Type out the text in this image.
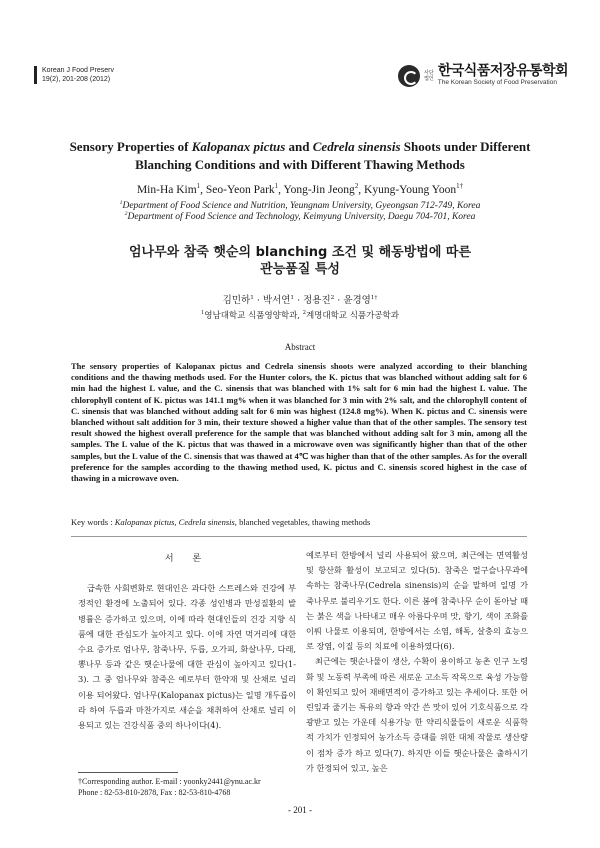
Korean J Food Preserv
19(2), 201-208 (2012)
사단
법인 한국식품저장유통학회
The Korean Society of Food Preservation
Sensory Properties of Kalopanax pictus and Cedrela sinensis Shoots under Different Blanching Conditions and with Different Thawing Methods
Min-Ha Kim$^1$, Seo-Yeon Park$^1$, Yong-Jin Jeong$^2$, Kyung-Young Yoon$^{1\dagger}$
$^1$Department of Food Science and Nutrition, Yeungnam University, Gyeongsan 712-749, Korea
$^2$Department of Food Science and Technology, Keimyung University, Daegu 704-701, Korea
엄나무와 참죽 햇순의 blanching 조건 및 해동방법에 따른
관능품질 특성
김민하$^1$ · 박서연$^1$ · 정용진$^2$ · 윤경영$^{1\dagger}$
$^1$영남대학교 식품영양학과, $^2$계명대학교 식품가공학과
Abstract
The sensory properties of Kalopanax pictus and Cedrela sinensis shoots were analyzed according to their blanching conditions and the thawing methods used. For the Hunter colors, the K. pictus that was blanched without adding salt for 6 min had the highest L value, and the C. sinensis that was blanched with 1% salt for 6 min had the highest L value. The chlorophyll content of K. pictus was 141.1 mg% when it was blanched for 3 min with 2% salt, and the chlorophyll content of C. sinensis that was blanched without adding salt for 6 min was highest (124.8 mg%). When K. pictus and C. sinensis were blanched without salt addition for 3 min, their texture showed a higher value than that of the other samples. The sensory test result showed the highest overall preference for the sample that was blanched without adding salt for 3 min, among all the samples. The L value of the K. pictus that was thawed in a microwave oven was significantly higher than that of the other samples, but the L value of the C. sinensis that was thawed at 4℃ was higher than that of the other samples. As for the overall preference for the samples according to the thawing method used, K. pictus and C. sinensis scored highest in the case of thawing in a microwave oven.
Key words : Kalopanax pictus, Cedrela sinensis, blanched vegetables, thawing methods
서 론

급속한 사회변화로 현대인은 과다한 스트레스와 건강에 부정적인 환경에 노출되어 있다. 각종 성인병과 만성질환의 발병률은 증가하고 있으며, 이에 따라 현대인들의 건강 지향 식품에 대한 관심도가 높아지고 있다. 이에 자연 먹거리에 대한 수요 증가로 엄나무, 참죽나무, 두릅, 오가피, 화살나무, 다래, 뽕나무 등과 같은 햇순나물에 대한 관심이 높아지고 있다(1-3). 그 중 엄나무와 참죽은 예로부터 한약재 및 산채로 널리 이용 되어왔다. 엄나무(Kalopanax pictus)는 일명 개두릅이라 하여 두릅과 마찬가지로 새순을 채취하여 산채로 널리 이용되고 있는 건강식품 중의 하나이다(4).

예로부터 한방에서 널리 사용되어 왔으며, 최근에는 면역활성 및 항산화 활성이 보고되고 있다(5). 참죽은 멀구슬나무과에 속하는 참죽나무(Cedrela sinensis)의 순을 말하며 일명 가죽나무로 불리우기도 한다. 이른 봄에 참죽나무 순이 돋아날 때는 붉은 색을 나타내고 매우 아름다우며 맛, 향기, 색이 조화를 이뤄 나물로 이용되며, 한방에서는 소염, 해독, 살충의 효능으로 장염, 이질 등의 치료에 이용하였다(6).

최근에는 햇순나물이 생산, 수확이 용이하고 농촌 인구 노령화 및 노동력 부족에 따른 새로운 고소득 작목으로 육성 가능함이 확인되고 있어 재배면적이 증가하고 있는 추세이다. 또한 어린잎과 줄기는 특유의 향과 약간 쓴 맛이 있어 기호식품으로 각광받고 있는 가운데 식용가능 한 약리식물들이 새로운 식품학적 가치가 인정되어 농가소득 증대를 위한 대체 작물로 생산량이 점차 증가 하고 있다(7). 하지만 이들 햇순나물은 출하시기가 한정되어 있고, 높은

†Corresponding author. E-mail : yoonky2441@ynu.ac.kr
Phone : 82-53-810-2878, Fax : 82-53-810-4768
- 201 -
